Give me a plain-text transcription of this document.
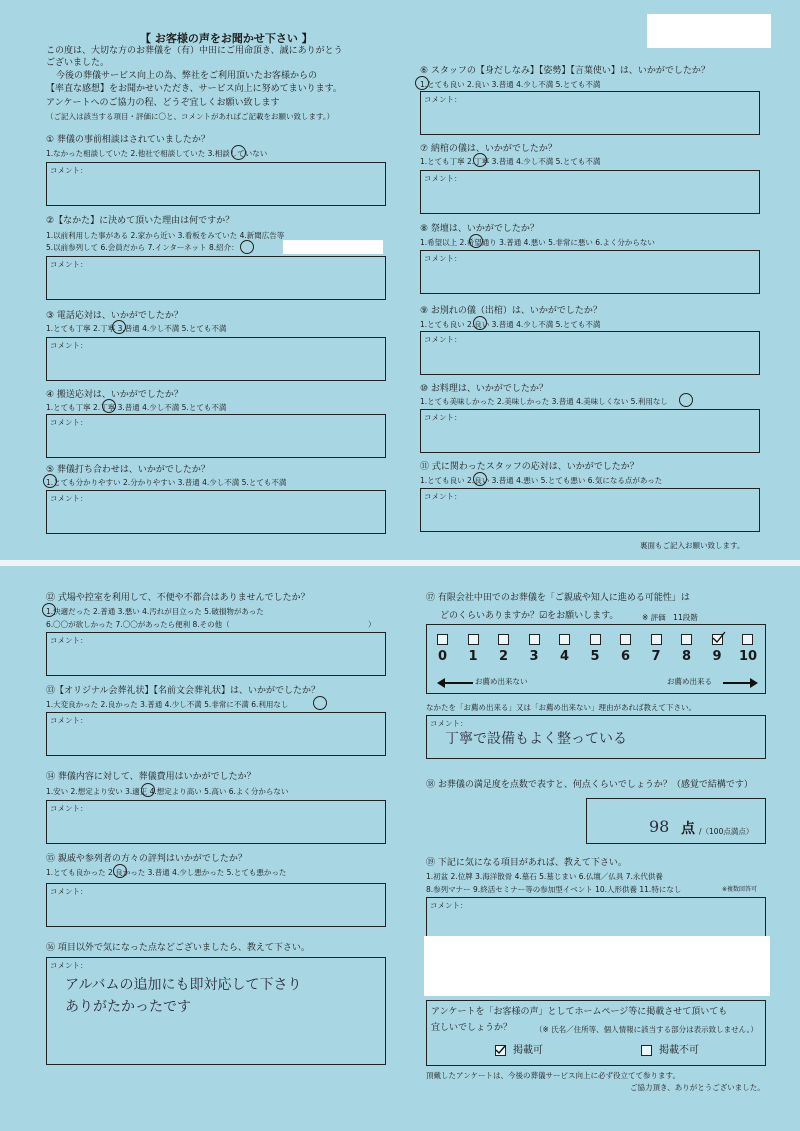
【 お客様の声をお聞かせ下さい 】
この度は、大切な方のお葬儀を（有）中田にご用命頂き、誠にありがとう
ございました。
今後の葬儀サービス向上の為、弊社をご利用頂いたお客様からの
【率直な感想】をお聞かせいただき、サービス向上に努めてまいります。
アンケートへのご協力の程、どうぞ宜しくお願い致します
（ご記入は該当する項目・評価に〇と、コメントがあればご記載をお願い致します。）
① 葬儀の事前相談はされていましたか？
1.なかった相談していた 2.他社で相談していた 3.相談していない
コメント：
②【なかた】に決めて頂いた理由は何ですか？
1.以前利用した事がある 2.家から近い 3.看板をみていた 4.新聞広告等
5.以前参列して 6.会員だから 7.インターネット 8.紹介：
コメント：
③ 電話応対は、いかがでしたか？
1.とても丁寧 2.丁寧 3.普通 4.少し不満 5.とても不満
コメント：
④ 搬送応対は、いかがでしたか？
1.とても丁寧 2.丁寧 3.普通 4.少し不満 5.とても不満
コメント：
⑤ 葬儀打ち合わせは、いかがでしたか？
1.とても分かりやすい 2.分かりやすい 3.普通 4.少し不満 5.とても不満
コメント：
⑥ スタッフの【身だしなみ】【姿勢】【言葉使い】は、いかがでしたか？
1.とても良い 2.良い 3.普通 4.少し不満 5.とても不満
コメント：
⑦ 納棺の儀は、いかがでしたか？
1.とても丁寧 2.丁寧 3.普通 4.少し不満 5.とても不満
コメント：
⑧ 祭壇は、いかがでしたか？
1.希望以上 2.希望通り 3.普通 4.悪い 5.非常に悪い 6.よく分からない
コメント：
⑨ お別れの儀（出棺）は、いかがでしたか？
1.とても良い 2.良い 3.普通 4.少し不満 5.とても不満
コメント：
⑩ お料理は、いかがでしたか？
1.とても美味しかった 2.美味しかった 3.普通 4.美味しくない 5.利用なし
コメント：
⑪ 式に関わったスタッフの応対は、いかがでしたか？
1.とても良い 2.良い 3.普通 4.悪い 5.とても悪い 6.気になる点があった
コメント：
裏面もご記入お願い致します。
⑫ 式場や控室を利用して、不便や不都合はありませんでしたか？
1.快適だった 2.普通 3.悪い 4.汚れが目立った 5.破損物があった
6.〇〇が欲しかった 7.〇〇があったら便利 8.その他（	）
コメント：
⑬【オリジナル会葬礼状】【名前文会葬礼状】は、いかがでしたか？
1.大変良かった 2.良かった 3.普通 4.少し不満 5.非常に不満 6.利用なし
コメント：
⑭ 葬儀内容に対して、葬儀費用はいかがでしたか？
1.安い 2.想定より安い 3.適正 4.想定より高い 5.高い 6.よく分からない
コメント：
⑮ 親戚や参列者の方々の評判はいかがでしたか？
1.とても良かった 2.良かった 3.普通 4.少し悪かった 5.とても悪かった
コメント：
⑯ 項目以外で気になった点などございましたら、教えて下さい。
コメント：
アルバムの追加にも即対応して下さり
ありがたかったです
⑰ 有限会社中田でのお葬儀を「ご親戚や知人に進める可能性」は
どのくらいありますか？☑をお願いします。	※ 評価　11段階
0 1 2 3 4 5 6 7 8 9 10
お薦め出来ない	お薦め出来る
なかたを「お薦め出来る」又は「お薦め出来ない」理由があれば教えて下さい。
コメント：
丁寧で設備もよく整っている
⑱ お葬儀の満足度を点数で表すと、何点くらいでしょうか？（感覚で結構です）
98 点 /（100点満点）
⑲ 下記に気になる項目があれば、教えて下さい。
1.初盆 2.位牌 3.海洋散骨 4.墓石 5.墓じまい 6.仏壇／仏具 7.永代供養
8.参列マナー 9.終活セミナー等の参加型イベント 10.人形供養 11.特になし	※複数回答可
コメント：
アンケートを「お客様の声」としてホームページ等に掲載させて頂いても
宜しいでしょうか？	（※ 氏名／住所等、個人情報に該当する部分は表示致しません。）
掲載可	掲載不可
頂戴したアンケートは、今後の葬儀サービス向上に必ず役立てて参ります。
ご協力頂き、ありがとうございました。
